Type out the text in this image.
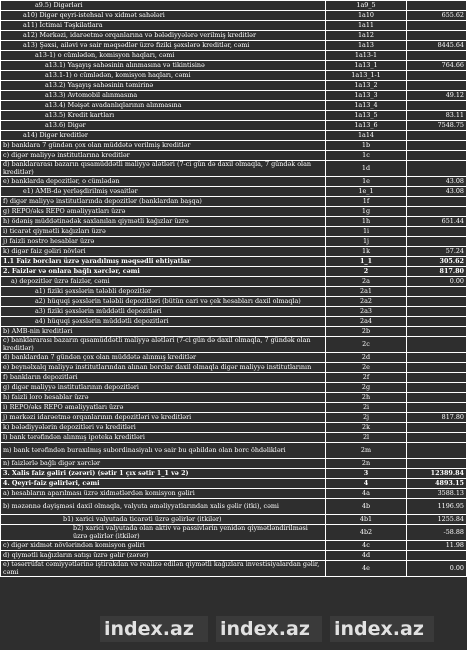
a9.5) Digərləri	1a9_5	
a10) Digər qeyri-istehsal və xidmət sahələri	1a10	655.62
a11) İctimai Təşkilatlara	1a11	
a12) Mərkəzi, idarəetmə orqanlarına və bələdiyyələrə verilmiş kreditlər	1a12	
a13) Şəxsi, ailəvi və sair məqsədlər üzrə fiziki şəxslərə kreditlər, cəmi	1a13	8445.64
a13-1) o cümlədən, komisyon haqları, cəmi	1a13-1	
a13.1) Yaşayış sahəsinin alınmasına və tikintisinə	1a13_1	764.66
a13.1-1) o cümlədən, komisyon haqları, cəmi	1a13_1-1	
a13.2) Yaşayış sahəsinin təmirinə	1a13_2	
a13.3) Avtomobil alınmasına	1a13_3	49.12
a13.4) Məişət avadanlıqlarının alınmasına	1a13_4	
a13.5) Kredit kartları	1a13_5	83.11
a13.6) Digər	1a13_6	7548.75
a14) Digər kreditlər	1a14	
b) banklara 7 gündən çox olan müddətə verilmiş kreditlər	1b	
c) digər maliyyə institutlarına kreditlər	1c	
d) banklararası bazarın qısamüddətli maliyyə alətləri (7-ci gün də daxil olmaqla, 7 gündək olan kreditlər)	1d	
e) banklarda depozitlər, o cümlədən	1e	43.08
e1) AMB-də yerləşdirilmiş vəsaitlər	1e_1	43.08
f) digər maliyyə institutlarında depozitlər (banklardan başqa)	1f	
g) REPO/əks REPO əməliyyatları üzrə	1g	
h) ödəniş müddətinədək saxlanılan qiymətli kağızlar üzrə	1h	651.44
i) ticarət qiymətli kağızları üzrə	1i	
j) faizli nostro hesablar üzrə	1j	
k) digər faiz gəliri növləri	1k	57.24
1.1 Faiz borcları üzrə yaradılmış məqsədli ehtiyatlar	1_1	305.62
2. Faizlər və onlara bağlı xərclər, cəmi	2	817.80
a) depozitlər üzrə faizlər, cəmi	2a	0.00
a1) fiziki şəxslərin tələbli depozitlər	2a1	
a2) hüquqi şəxslərin tələbli depozitləri (bütün cari və çek hesabları daxil olmaqla)	2a2	
a3) fiziki şəxslərin müddətli depozitləri	2a3	
a4) hüquqi şəxslərin müddətli depozitləri	2a4	
b) AMB-nin kreditləri	2b	
c) banklararası bazarın qısamüddətli maliyyə alətləri (7-ci gün də daxil olmaqla, 7 gündək olan kreditlər)	2c	
d) banklardan 7 gündən çox olan müddətə alınmış kreditlər	2d	
e) beynəlxalq maliyyə institutlarından alınan borclar daxil olmaqla digər maliyyə institutlarının	2e	
f) bankların depozitləri	2f	
g) digər maliyyə institutlarının depozitləri	2g	
h) faizli loro hesablar üzrə	2h	
i) REPO/əks REPO əməliyyatları üzrə	2i	
j) mərkəzi idarəetmə orqanlarının depozitləri və kreditləri	2j	817.80
k) bələdiyyələrin depozitləri və kreditləri	2k	
l) bank tərəfindən alınmış ipoteka kreditləri	2l	
m) bank tərəfindən buraxılmış subordinasiyalı və sair bu qəbildən olan borc öhdəlikləri	2m	
n) faizlərlə bağlı digər xərclər	2n	
3. Xalis faiz gəliri (zərəri) (sətir 1 çıx sətir 1_1 və 2)	3	12389.84
4. Qeyri-faiz gəlirləri, cəmi	4	4893.15
a) hesabların aparılması üzrə xidmətlərdən komisyon gəliri	4a	3588.13
b) məzənnə dəyişməsi daxil olmaqla, valyuta əməliyyatlarından xalis gəlir (itki), cəmi	4b	1196.95
b1) xarici valyutada ticarəti üzrə gəlirlər (itkilər)	4b1	1255.84
b2) xarici valyutada olan aktiv və passivlərin yenidən qiymətləndirilməsi üzrə gəlirlər (itkilər)	4b2	-58.88
c) digər xidmət növlərindən komisyon gəliri	4c	11.98
d) qiymətli kağızların satışı üzrə gəlir (zərər)	4d	
e) təsərrüfat cəmiyyətlərinə iştirakdan və realizə edilən qiymətli kağızlara investisiyalardan gəlir, cəmi	4e	0.00
index.az	index.az	index.az
